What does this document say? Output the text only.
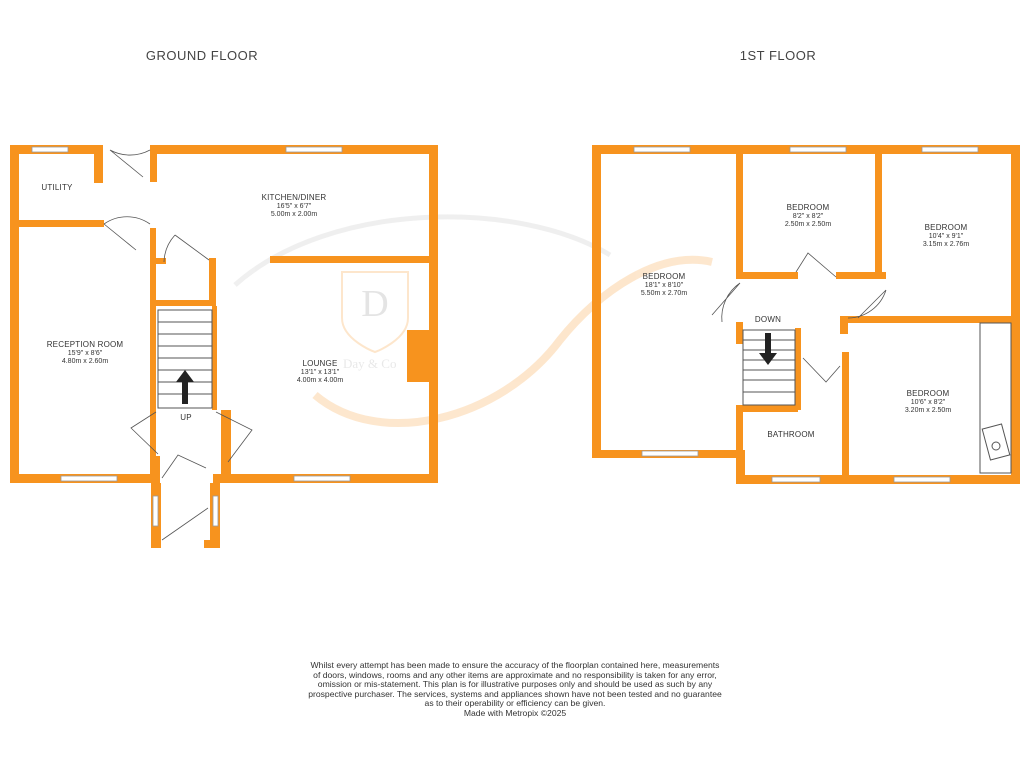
D
Day & Co
UP
GROUND FLOOR
UTILITY
KITCHEN/DINER
16'5" x 6'7"
5.00m x 2.00m
RECEPTION ROOM
15'9" x 8'6"
4.80m x 2.60m	LOUNGE
13'1" x 13'1"
4.00m x 4.00m
DOWN
1ST FLOOR
BEDROOM
18'1" x 8'10"
5.50m x 2.70m
BEDROOM
8'2" x 8'2"
2.50m x 2.50m	BEDROOM
10'4" x 9'1"
3.15m x 2.76m
BEDROOM
10'6" x 8'2"
3.20m x 2.50m
BATHROOM
Whilst every attempt has been made to ensure the accuracy of the floorplan contained here, measurements
of doors, windows, rooms and any other items are approximate and no responsibility is taken for any error,
omission or mis-statement. This plan is for illustrative purposes only and should be used as such by any
prospective purchaser. The services, systems and appliances shown have not been tested and no guarantee
as to their operability or efficiency can be given.
Made with Metropix ©2025
